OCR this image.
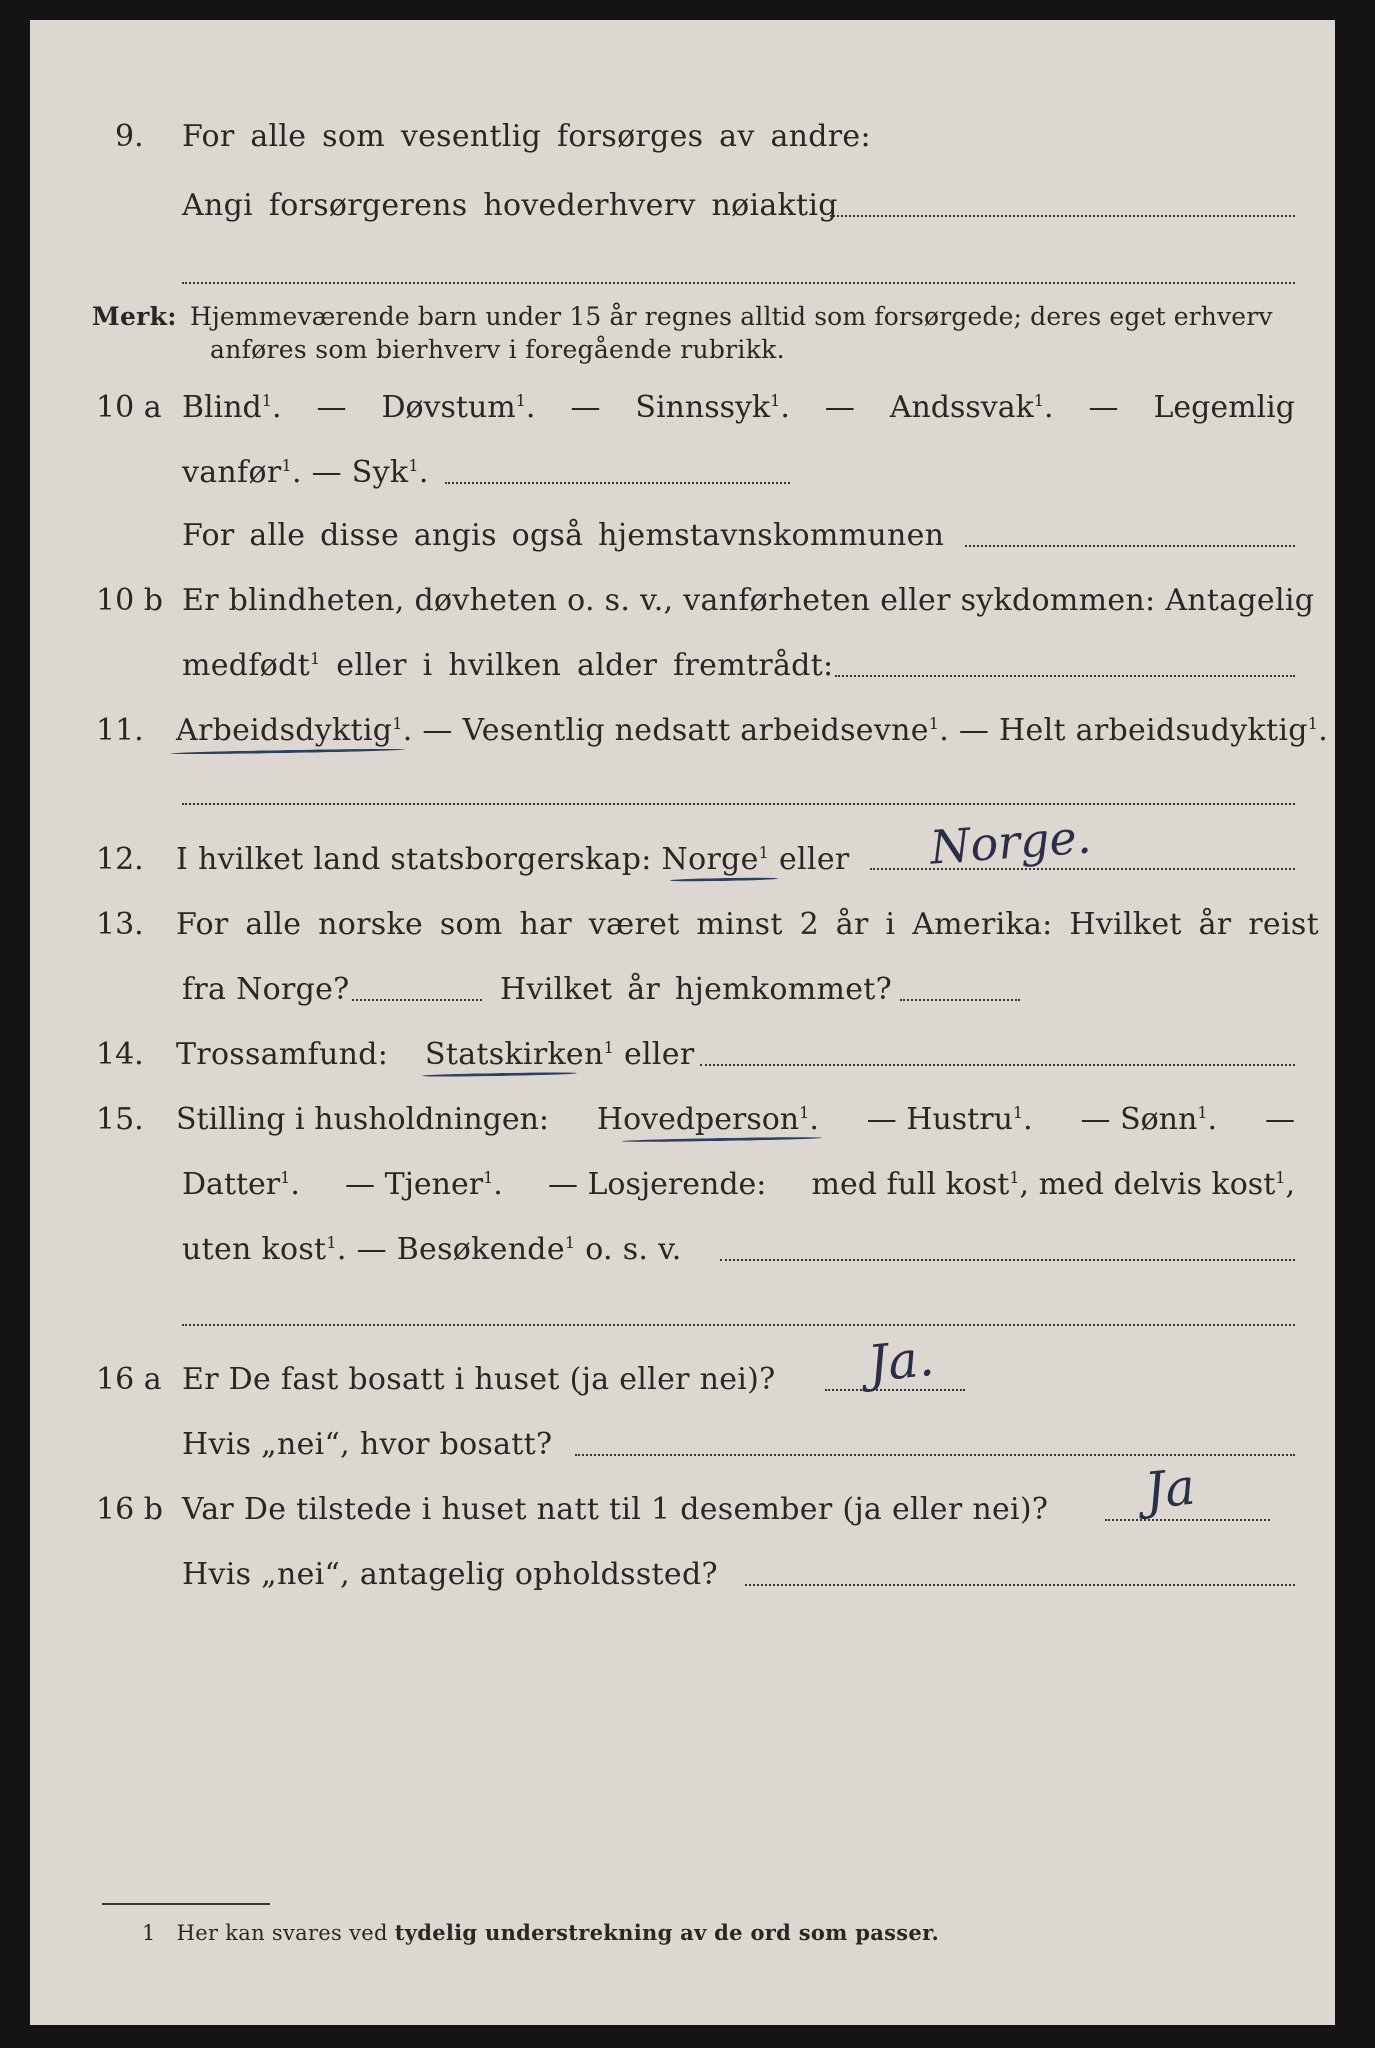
9. For alle som vesentlig forsørges av andre:
Angi forsørgerens hovederhverv nøiaktig
Merk: Hjemmeværende barn under 15 år regnes alltid som forsørgede; deres eget erhverv
anføres som bierhverv i foregående rubrikk.
10 a Blind$^1$. — Døvstum$^1$. — Sinnssyk$^1$. — Andssvak$^1$. — Legemlig
vanfør$^1$. — Syk$^1$.
For alle disse angis også hjemstavnskommunen
10 b Er blindheten, døvheten o. s. v., vanførheten eller sykdommen: Antagelig
medfødt$^1$ eller i hvilken alder fremtrådt:
11. Arbeidsdyktig$^1$. — Vesentlig nedsatt arbeidsevne$^1$. — Helt arbeidsudyktig$^1$.
12. I hvilket land statsborgerskap: Norge$^1$ eller Norge.
13. For alle norske som har været minst 2 år i Amerika: Hvilket år reist
fra Norge?	Hvilket år hjemkommet?
14. Trossamfund: Statskirken$^1$ eller
15. Stilling i husholdningen: Hovedperson$^1$. — Hustru$^1$. — Sønn$^1$. —
Datter$^1$. — Tjener$^1$. — Losjerende: med full kost$^1$, med delvis kost$^1$,
uten kost$^1$. — Besøkende$^1$ o. s. v.
16 a Er De fast bosatt i huset (ja eller nei)? Ja.
Hvis „nei“, hvor bosatt?
16 b Var De tilstede i huset natt til 1 desember (ja eller nei)? Ja
Hvis „nei“, antagelig opholdssted?
1 Her kan svares ved tydelig understrekning av de ord som passer.
